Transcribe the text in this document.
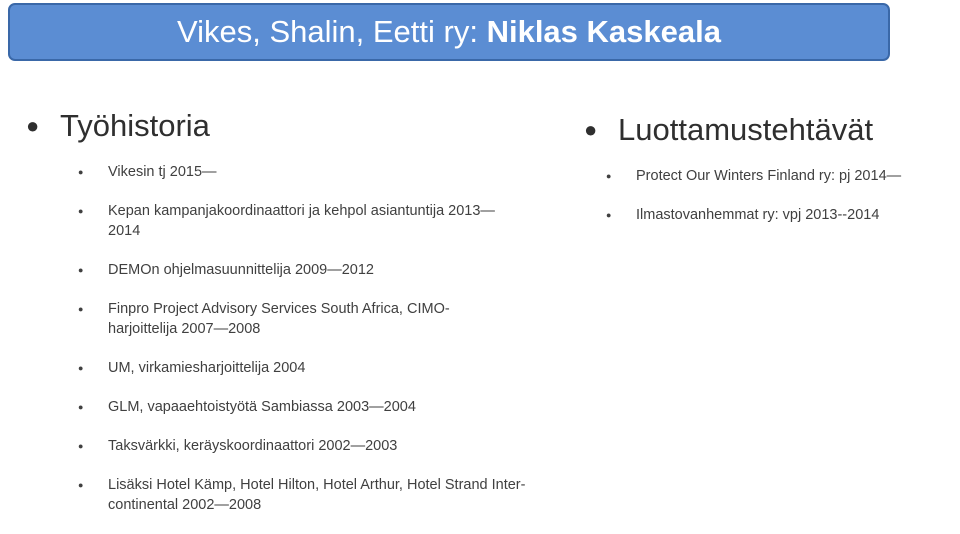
Vikes, Shalin, Eetti ry: Niklas Kaskeala
● Työhistoria
●	Vikesin tj 2015—
●	Kepan kampanjakoordinaattori ja kehpol asiantuntija 2013—2014
●	DEMOn ohjelmasuunnittelija 2009—2012
●	Finpro Project Advisory Services South Africa, CIMO-harjoittelija 2007—2008
●	UM, virkamiesharjoittelija 2004
●	GLM, vapaaehtoistyötä Sambiassa 2003—2004
●	Taksvärkki, keräyskoordinaattori 2002—2003
●	Lisäksi Hotel Kämp, Hotel Hilton, Hotel Arthur, Hotel Strand Inter-continental 2002—2008
● Luottamustehtävät
●	Protect Our Winters Finland ry: pj 2014—
●	Ilmastovanhemmat ry: vpj 2013--2014
